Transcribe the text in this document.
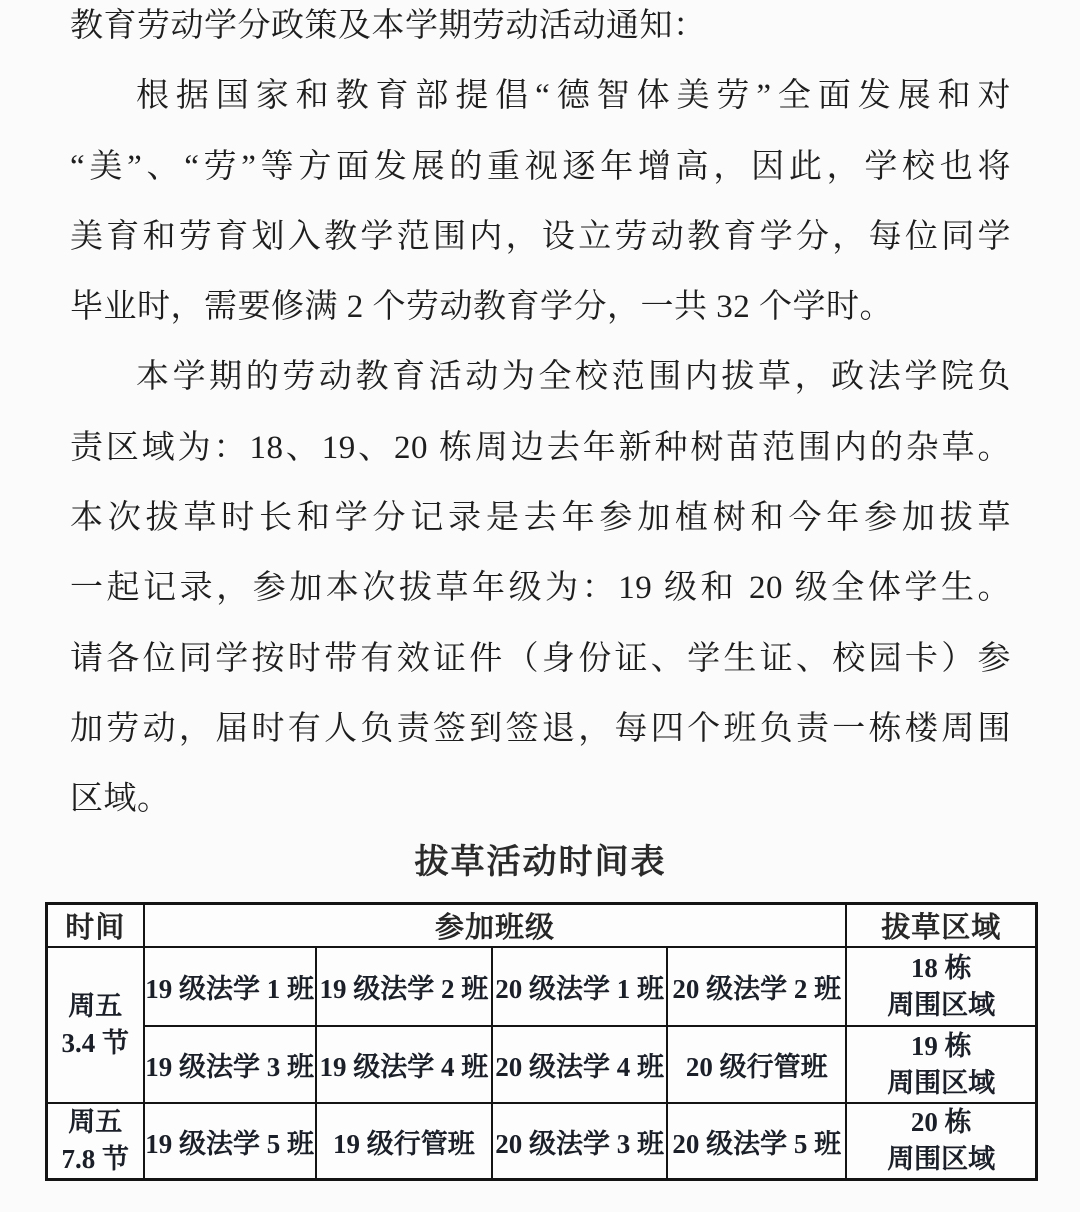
教育劳动学分政策及本学期劳动活动通知：
根据国家和教育部提倡“德智体美劳”全面发展和对
“美”、“劳”等方面发展的重视逐年增高，因此，学校也将
美育和劳育划入教学范围内，设立劳动教育学分，每位同学
毕业时，需要修满 2 个劳动教育学分，一共 32 个学时。
本学期的劳动教育活动为全校范围内拔草，政法学院负
责区域为：18、19、20 栋周边去年新种树苗范围内的杂草。
本次拔草时长和学分记录是去年参加植树和今年参加拔草
一起记录，参加本次拔草年级为：19 级和 20 级全体学生。
请各位同学按时带有效证件（身份证、学生证、校园卡）参
加劳动，届时有人负责签到签退，每四个班负责一栋楼周围
区域。
拔草活动时间表
时间	参加班级				拔草区域

周五
3.4 节	19 级法学 1 班	19 级法学 2 班	20 级法学 1 班	20 级法学 2 班	18 栋
周围区域

	19 级法学 3 班	19 级法学 4 班	20 级法学 4 班	20 级行管班	19 栋
周围区域

周五
7.8 节	19 级法学 5 班	19 级行管班	20 级法学 3 班	20 级法学 5 班	20 栋
周围区域
